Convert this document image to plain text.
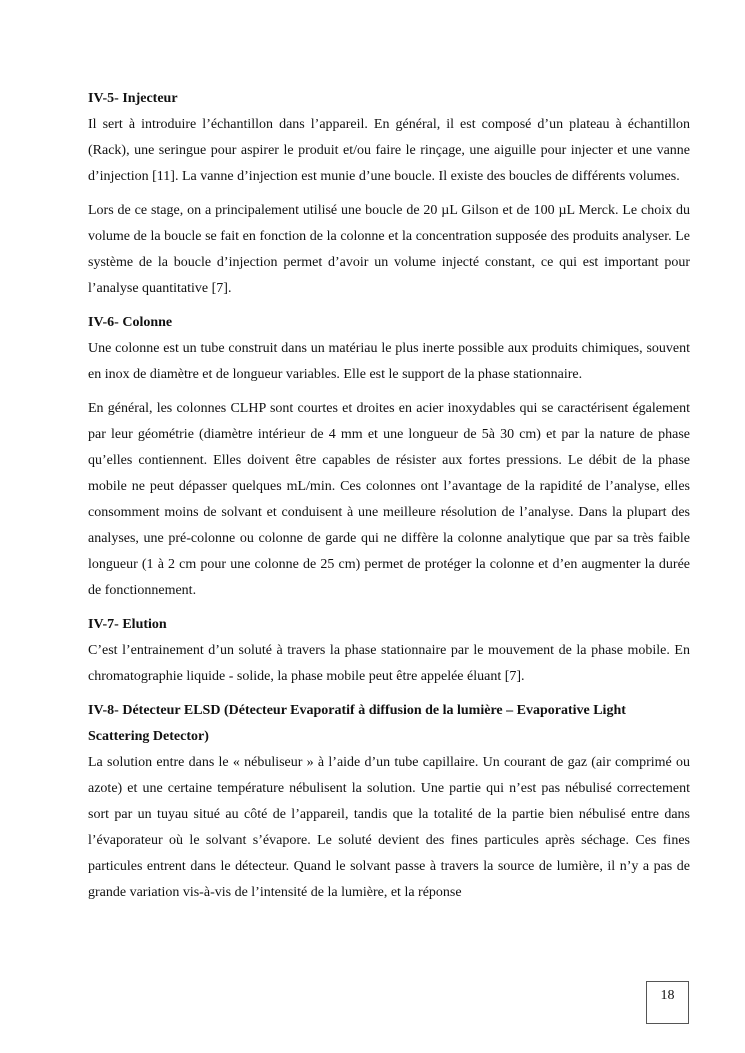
IV-5- Injecteur

Il sert à introduire l’échantillon dans l’appareil. En général, il est composé d’un plateau à échantillon (Rack), une seringue pour aspirer le produit et/ou faire le rinçage, une aiguille pour injecter et une vanne d’injection [11]. La vanne d’injection est munie d’une boucle. Il existe des boucles de différents volumes.

Lors de ce stage, on a principalement utilisé une boucle de 20 µL Gilson et de 100 µL Merck. Le choix du volume de la boucle se fait en fonction de la colonne et la concentration supposée des produits analyser. Le système de la boucle d’injection permet d’avoir un volume injecté constant, ce qui est important pour l’analyse quantitative [7].

IV-6- Colonne

Une colonne est un tube construit dans un matériau le plus inerte possible aux produits chimiques, souvent en inox de diamètre et de longueur variables. Elle est le support de la phase stationnaire.

En général, les colonnes CLHP sont courtes et droites en acier inoxydables qui se caractérisent également par leur géométrie (diamètre intérieur de 4 mm et une longueur de 5à 30 cm) et par la nature de phase qu’elles contiennent. Elles doivent être capables de résister aux fortes pressions. Le débit de la phase mobile ne peut dépasser quelques mL/min. Ces colonnes ont l’avantage de la rapidité de l’analyse, elles consomment moins de solvant et conduisent à une meilleure résolution de l’analyse. Dans la plupart des analyses, une pré-colonne ou colonne de garde qui ne diffère la colonne analytique que par sa très faible longueur (1 à 2 cm pour une colonne de 25 cm) permet de protéger la colonne et d’en augmenter la durée de fonctionnement.

IV-7- Elution

C’est l’entrainement d’un soluté à travers la phase stationnaire par le mouvement de la phase mobile. En chromatographie liquide - solide, la phase mobile peut être appelée éluant [7].

IV-8- Détecteur ELSD (Détecteur Evaporatif à diffusion de la lumière – Evaporative Light Scattering Detector)

La solution entre dans le « nébuliseur » à l’aide d’un tube capillaire. Un courant de gaz (air comprimé ou azote) et une certaine température nébulisent la solution. Une partie qui n’est pas nébulisé correctement sort par un tuyau situé au côté de l’appareil, tandis que la totalité de la partie bien nébulisé entre dans l’évaporateur où le solvant s’évapore. Le soluté devient des fines particules après séchage. Ces fines particules entrent dans le détecteur. Quand le solvant passe à travers la source de lumière, il n’y a pas de grande variation vis-à-vis de l’intensité de la lumière, et la réponse

18
